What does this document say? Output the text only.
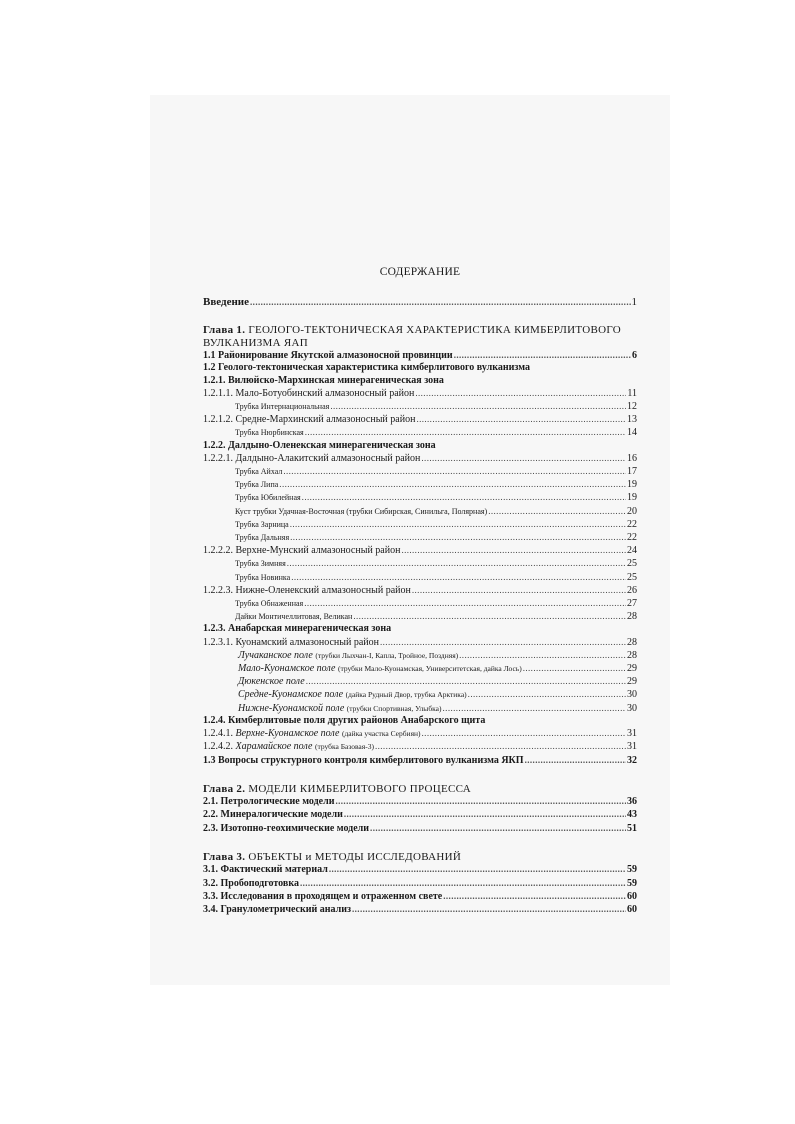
СОДЕРЖАНИЕ
Введение .....	1
Глава 1. ГЕОЛОГО-ТЕКТОНИЧЕСКАЯ ХАРАКТЕРИСТИКА КИМБЕРЛИТОВОГО
ВУЛКАНИЗМА ЯАП
1.1 Районирование Якутской алмазоносной провинции .....	6
1.2 Геолого-тектоническая характеристика кимберлитового вулканизма
1.2.1. Вилюйско-Мархинская минерагеническая зона
1.2.1.1. Мало-Ботуобинский алмазоносный район .....	11
Трубка Интернациональная .....	12
1.2.1.2. Средне-Мархинский алмазоносный район .....	13
Трубка Нюрбинская .....	14
1.2.2. Далдыно-Оленекская минерагеническая зона
1.2.2.1. Далдыно-Алакитский алмазоносный район .....	16
Трубка Айхал .....	17
Трубка Липа .....	19
Трубка Юбилейная .....	19
Куст трубки Удачная-Восточная (трубки Сибирская, Синильга, Полярная) .....	20
Трубка Зарница .....	22
Трубка Дальняя .....	22
1.2.2.2. Верхне-Мунский алмазоносный район .....	24
Трубка Зимняя .....	25
Трубка Новинка .....	25
1.2.2.3. Нижне-Оленекский алмазоносный район .....	26
Трубка Обнаженная .....	27
Дайки Монтичеллитовая, Великан .....	28
1.2.3. Анабарская минерагеническая зона
1.2.3.1. Куонамский алмазоносный район .....	28
Лучаканское поле (трубки Лыхчан-I, Капла, Тройное, Поздняя) .....	28
Мало-Куонамское поле (трубки Мало-Куонамская, Университетская, дайка Лось) .....	29
Дюкенское поле .....	29
Средне-Куонамское поле (дайка Рудный Двор, трубка Арктика) .....	30
Нижне-Куонамской поле (трубки Спортивная, Улыбка) .....	30
1.2.4. Кимберлитовые поля других районов Анабарского щита
1.2.4.1. Верхне-Куонамское поле (дайка участка Сербиян) .....	31
1.2.4.2. Харамайское поле (трубка Базовая-3) .....	31
1.3 Вопросы структурного контроля кимберлитового вулканизма ЯКП .....	32
Глава 2. МОДЕЛИ КИМБЕРЛИТОВОГО ПРОЦЕССА
2.1. Петрологические модели .....	36
2.2. Минералогические модели .....	43
2.3. Изотопно-геохимические модели .....	51
Глава 3. ОБЪЕКТЫ и МЕТОДЫ ИССЛЕДОВАНИЙ
3.1. Фактический материал .....	59
3.2. Пробоподготовка .....	59
3.3. Исследования в проходящем и отраженном свете .....	60
3.4. Гранулометрический анализ .....	60
